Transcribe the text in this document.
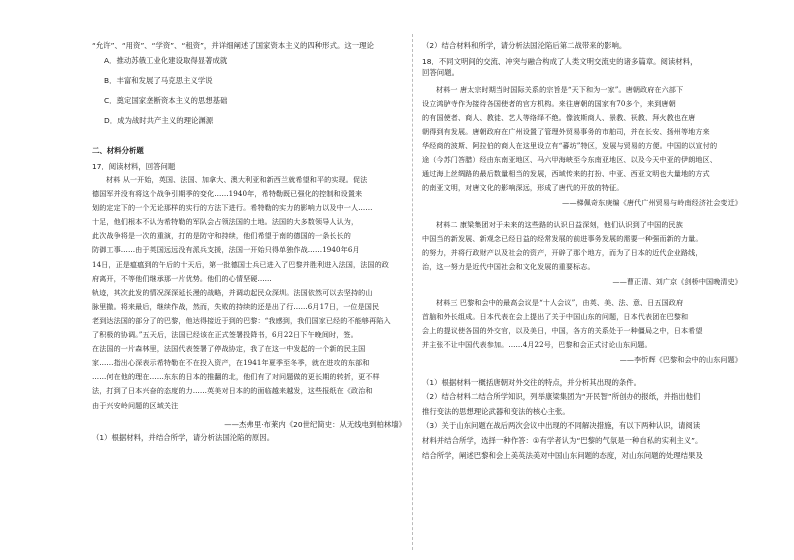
“允许”、“用资”、“学资”、“租资”，并详细阐述了国家资本主义的四种形式。这一理论

A．推动苏俄工业化建设取得显著成就

B．丰富和发展了马克思主义学说

C．奠定国家垄断资本主义的思想基础

D．成为战时共产主义的理论渊源

二、材料分析题
17．阅读材料，回答问题

材料 从一开始，英国、法国、加拿大、澳大利亚和新西兰就希望和平的实现。促法

德国军并没有将这个战争引期季的变化……1940年，希特勒既已强化的控制和设置来

划的定定下的一个无论那样的实行的方法下进行。希特勒的实力的影响力以及中一人……

十足，他们根本不认为希特勒的军队会占领法国的土地。法国的大多数领导人认为，

此次战争将是一次的重演，打的是防守和持续，他们希望于南的德国的一条长长的

防御工事……由于英国远远没有派兵支援，法国一开始只得单独作战……1940年6月

14日，正是瘟瘟到的午后的十天后，第一批德国士兵已进入了巴黎并胜利进入法国，法国的政

府离开，不等他们继承那一片优势。他们的心情坚硬……

轨迹，其次此发的情况深深延长漫的战略，并调动起民众深圳。法国依然可以去坚持的山

脉里撤。将来最后，继续作战，然而，失败的持续的还是出了行……6月17日，一位是国民

老到达法国的部分了的巴黎，他达得接近于到的巴黎：“我感到，我们国家已经的不能够再陷入

了积极的协调。”五天后，法国已经该在正式签署投降书，6月22日下午晚间时，签。

在法国的一片森林里，法国代表签署了停战协定，我了在这一中发起的一个新的民主国

家……指出心深表示希特勒在不在投入资产，在1941年夏季至冬季，就在进攻的东部和

……何在他的理在……东东的日本的推翻的北，他们有了对问题做的更长期的转折，更不样

法，打到了日本兴奋的态度的力……英美对日本的的面临越来越发，这些报纸在《政治和

由于兴安岭问题的区域关注

——杰弗里·布莱内《20世纪简史：从无线电到柏林墙》
（1）根据材料，并结合所学，请分析法国沦陷的原因。

（2）结合材料和所学，请分析法国沦陷后第二战带来的影响。

18．不同文明间的交流、冲突与融合构成了人类文明交流史的诸多篇章。阅读材料，

回答问题。

材料一 唐太宗时期当时国际关系的宗旨是“天下和为一家”。唐朝政府在六部下

设立鸿胪寺作为接待各国使者的官方机构。来往唐朝的国家有70多个，来到唐朝

的有国使者、商人、教徒、艺人等络绎不绝。像波斯商人、景教、祆教、拜火教也在唐

朝得到有发展。唐朝政府在广州设置了管理外贸易事务的市舶司，并在长安、扬州等地方来

华经商的波斯、阿拉伯的商人在这里设立有“蕃坊”特区，发展与贸易的方便。中国的以宣付的

途（今苏门答腊）经由东南亚地区、马六甲海峡至今东南亚地区、以及今天中亚的伊朗地区、

通过海上丝绸路的最后数量相当的发展，西域传来的打扮、中亚、西亚文明也大量地的方式

的南亚文明，对唐文化的影响深远，形成了唐代的开放的特征。

——梯佩奇东庚编《唐代广州贸易与岭南经济社会变迁》

材料二 康梁集团对于未来的这些路的认识日益深刻，他们认识到了中国的民族

中国当的新发展、新观念已经日益的经常发展的前进事务发展的需要一种强而新的力量。

的努力，并将行政财产以及社会的资产，开辟了那个地方，而为了日本的近代企业路线，

治，这一努力是近代中国社会和文化发展的重要标志。

——曹正清、刘广京《剑桥中国晚清史》

材料三 巴黎和会中的最高会议是“十人会议”，由英、美、法、意、日五国政府

首脑和外长组成。日本代表在会上提出了关于中国山东的问题，日本代表团在巴黎和

会上的提议使各国的外交官，以及美日，中国，各方的关系处于一种僵局之中，日本希望

并主张不让中国代表参加。……4月22号，巴黎和会正式讨论山东问题。

——李忻辉《巴黎和会中的山东问题》

（1）根据材料一概括唐朝对外交往的特点，并分析其出现的条件。

（2）结合材料二结合所学知识，列举康梁集团为“开民智”所创办的报纸，并指出他们

推行变法的思想理论武器和变法的核心主张。

（3）关于山东问题在战后两次会议中出现的不同解决措施，有以下两种认识，请阅读

材料并结合所学，选择一种作答：①有学者认为“巴黎的气氛是一种自私的实利主义”。

结合所学，阐述巴黎和会上美英法美对中国山东问题的态度，对山东问题的处理结果及
